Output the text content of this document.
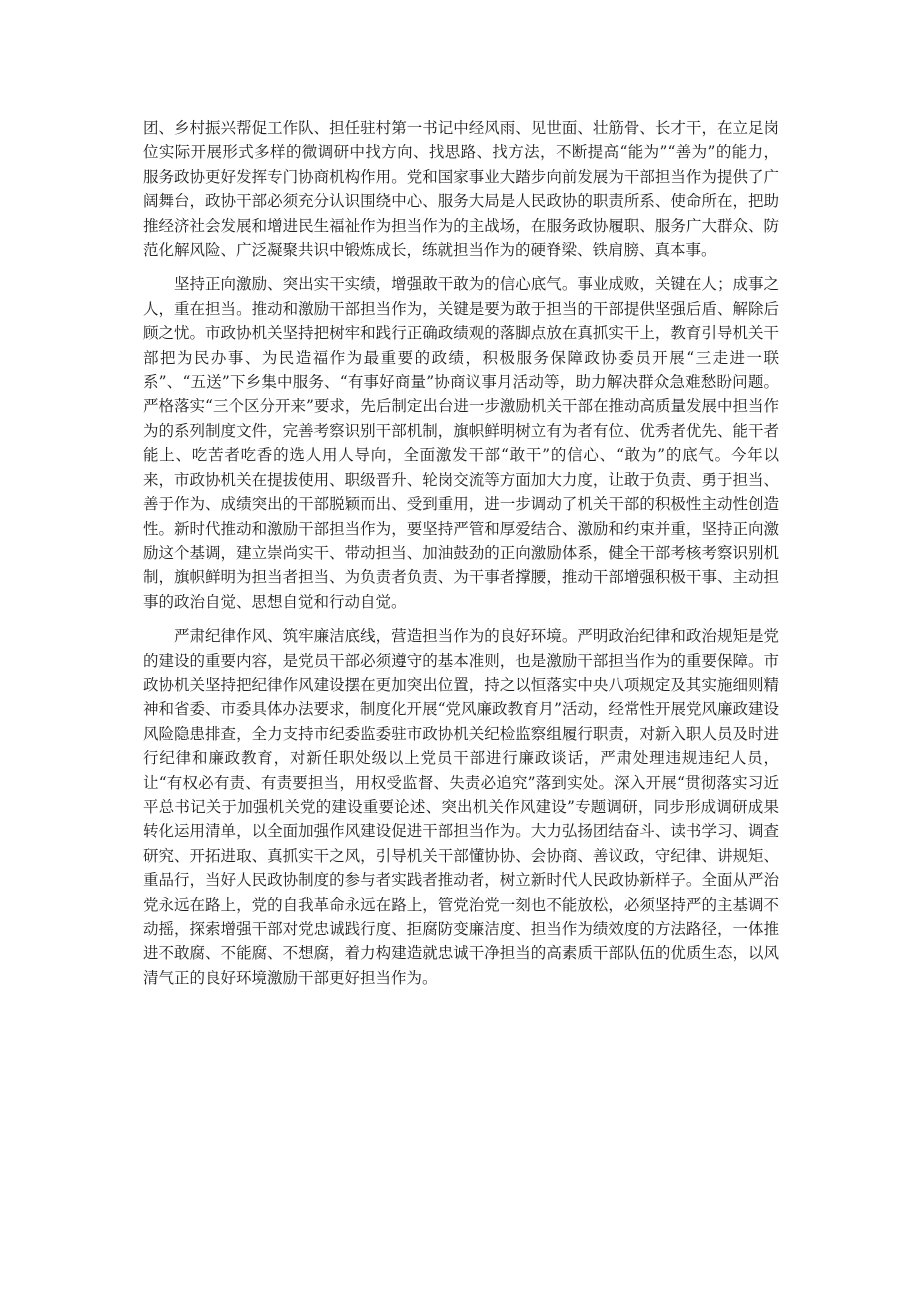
团、乡村振兴帮促工作队、担任驻村第一书记中经风雨、见世面、壮筋骨、长才干，在立足岗位实际开展形式多样的微调研中找方向、找思路、找方法，不断提高“能为”“善为”的能力，服务政协更好发挥专门协商机构作用。党和国家事业大踏步向前发展为干部担当作为提供了广阔舞台，政协干部必须充分认识围绕中心、服务大局是人民政协的职责所系、使命所在，把助推经济社会发展和增进民生福祉作为担当作为的主战场，在服务政协履职、服务广大群众、防范化解风险、广泛凝聚共识中锻炼成长，练就担当作为的硬脊梁、铁肩膀、真本事。

坚持正向激励、突出实干实绩，增强敢干敢为的信心底气。事业成败，关键在人；成事之人，重在担当。推动和激励干部担当作为，关键是要为敢于担当的干部提供坚强后盾、解除后顾之忧。市政协机关坚持把树牢和践行正确政绩观的落脚点放在真抓实干上，教育引导机关干部把为民办事、为民造福作为最重要的政绩，积极服务保障政协委员开展“三走进一联系”、“五送”下乡集中服务、“有事好商量”协商议事月活动等，助力解决群众急难愁盼问题。严格落实“三个区分开来”要求，先后制定出台进一步激励机关干部在推动高质量发展中担当作为的系列制度文件，完善考察识别干部机制，旗帜鲜明树立有为者有位、优秀者优先、能干者能上、吃苦者吃香的选人用人导向，全面激发干部“敢干”的信心、“敢为”的底气。今年以来，市政协机关在提拔使用、职级晋升、轮岗交流等方面加大力度，让敢于负责、勇于担当、善于作为、成绩突出的干部脱颖而出、受到重用，进一步调动了机关干部的积极性主动性创造性。新时代推动和激励干部担当作为，要坚持严管和厚爱结合、激励和约束并重，坚持正向激励这个基调，建立崇尚实干、带动担当、加油鼓劲的正向激励体系，健全干部考核考察识别机制，旗帜鲜明为担当者担当、为负责者负责、为干事者撑腰，推动干部增强积极干事、主动担事的政治自觉、思想自觉和行动自觉。

严肃纪律作风、筑牢廉洁底线，营造担当作为的良好环境。严明政治纪律和政治规矩是党的建设的重要内容，是党员干部必须遵守的基本准则，也是激励干部担当作为的重要保障。市政协机关坚持把纪律作风建设摆在更加突出位置，持之以恒落实中央八项规定及其实施细则精神和省委、市委具体办法要求，制度化开展“党风廉政教育月”活动，经常性开展党风廉政建设风险隐患排查，全力支持市纪委监委驻市政协机关纪检监察组履行职责，对新入职人员及时进行纪律和廉政教育，对新任职处级以上党员干部进行廉政谈话，严肃处理违规违纪人员，让“有权必有责、有责要担当，用权受监督、失责必追究”落到实处。深入开展“贯彻落实习近平总书记关于加强机关党的建设重要论述、突出机关作风建设”专题调研，同步形成调研成果转化运用清单，以全面加强作风建设促进干部担当作为。大力弘扬团结奋斗、读书学习、调查研究、开拓进取、真抓实干之风，引导机关干部懂协协、会协商、善议政，守纪律、讲规矩、重品行，当好人民政协制度的参与者实践者推动者，树立新时代人民政协新样子。全面从严治党永远在路上，党的自我革命永远在路上，管党治党一刻也不能放松，必须坚持严的主基调不动摇，探索增强干部对党忠诚践行度、拒腐防变廉洁度、担当作为绩效度的方法路径，一体推进不敢腐、不能腐、不想腐，着力构建造就忠诚干净担当的高素质干部队伍的优质生态，以风清气正的良好环境激励干部更好担当作为。
